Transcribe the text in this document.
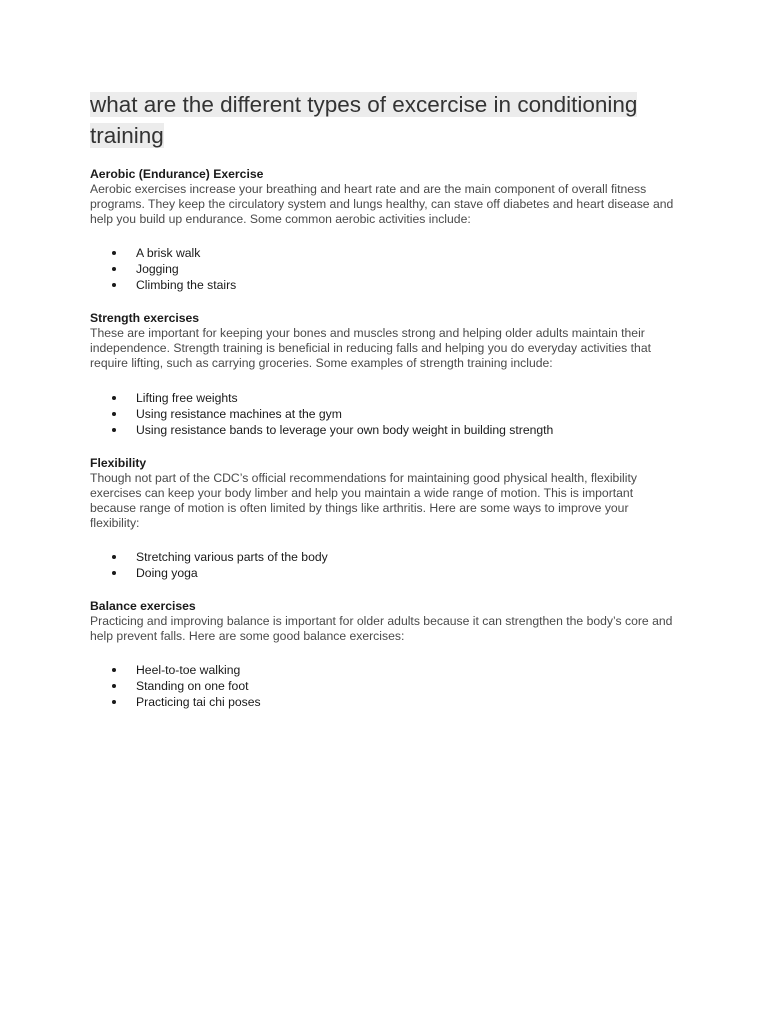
what are the different types of excercise in conditioning training
Aerobic (Endurance) Exercise
Aerobic exercises increase your breathing and heart rate and are the main component of overall fitness programs. They keep the circulatory system and lungs healthy, can stave off diabetes and heart disease and help you build up endurance. Some common aerobic activities include:
A brisk walk
Jogging
Climbing the stairs
Strength exercises
These are important for keeping your bones and muscles strong and helping older adults maintain their independence. Strength training is beneficial in reducing falls and helping you do everyday activities that require lifting, such as carrying groceries. Some examples of strength training include:
Lifting free weights
Using resistance machines at the gym
Using resistance bands to leverage your own body weight in building strength
Flexibility
Though not part of the CDC’s official recommendations for maintaining good physical health, flexibility exercises can keep your body limber and help you maintain a wide range of motion. This is important because range of motion is often limited by things like arthritis. Here are some ways to improve your flexibility:
Stretching various parts of the body
Doing yoga
Balance exercises
Practicing and improving balance is important for older adults because it can strengthen the body’s core and help prevent falls. Here are some good balance exercises:
Heel-to-toe walking
Standing on one foot
Practicing tai chi poses
